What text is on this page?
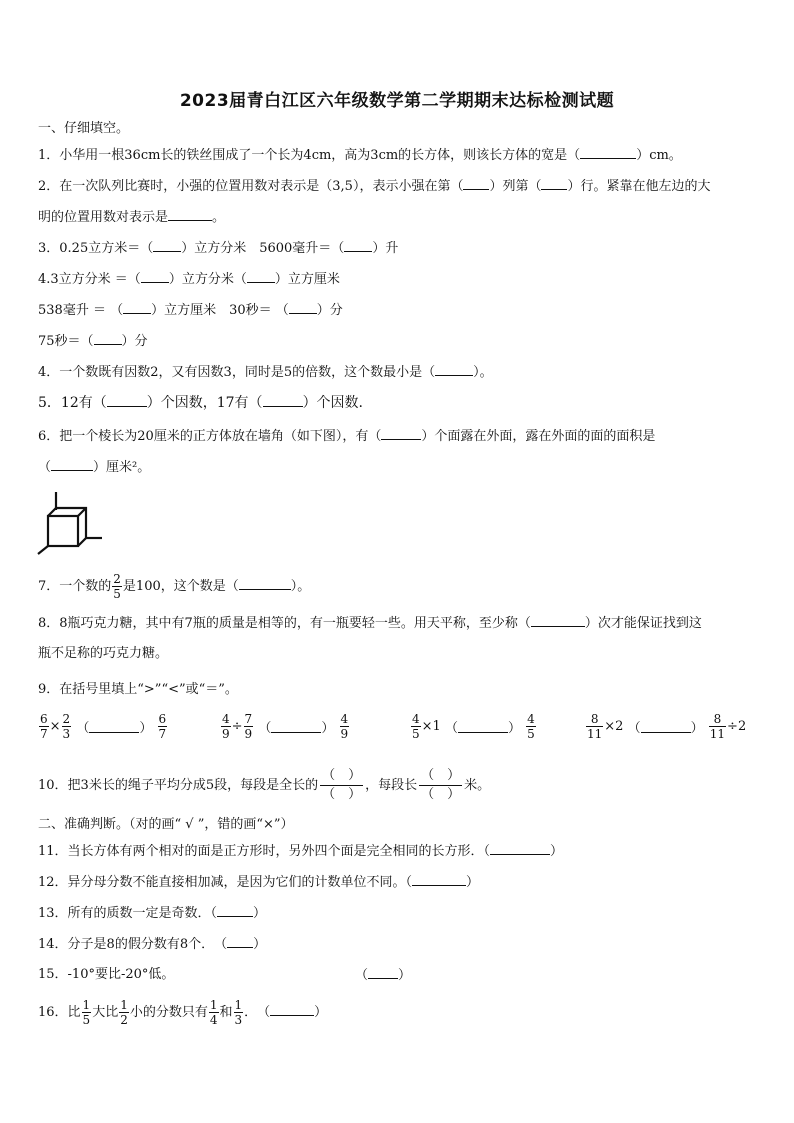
2023届青白江区六年级数学第二学期期末达标检测试题
一、仔细填空。
1．小华用一根36cm长的铁丝围成了一个长为4cm，高为3cm的长方体，则该长方体的宽是（	）cm。
2．在一次队列比赛时，小强的位置用数对表示是（3,5），表示小强在第（ ）列第（ ）行。紧靠在他左边的大
明的位置用数对表示是	。
3．0.25立方米＝（ ）立方分米　5600毫升＝（ ）升
4.3立方分米 ＝（ ）立方分米（ ）立方厘米
538毫升 ＝ （ ）立方厘米　30秒＝ （ ）分
75秒＝（ ）分
4．一个数既有因数2，又有因数3，同时是5的倍数，这个数最小是（	）。
5．12有（	）个因数，17有（	）个因数.
6．把一个棱长为20厘米的正方体放在墙角（如下图），有（	）个面露在外面，露在外面的面的面积是
（	）厘米²。
7．一个数的 $\frac{2}{5}$ 是100，这个数是（	）。
8．8瓶巧克力糖，其中有7瓶的质量是相等的，有一瓶要轻一些。用天平称，至少称（	）次才能保证找到这
瓶不足称的巧克力糖。
9．在括号里填上“>”“<”或“＝”。
$\frac{6}{7} \times \frac{2}{3}$ （	） $\frac{6}{7}$	$\frac{4}{9} \div \frac{7}{9}$ （	） $\frac{4}{9}$	$\frac{4}{5} \times 1$ （	） $\frac{4}{5}$	$\frac{8}{11} \times 2$ （	） $\frac{8}{11} \div 2$
10．把3米长的绳子平均分成5段，每段是全长的
（  ）
（  ）
，每段长
（  ）
（  ）
米。
二、准确判断。（对的画“ √ ”，错的画“×”）
11．当长方体有两个相对的面是正方形时，另外四个面是完全相同的长方形．（	）
12．异分母分数不能直接相加减，是因为它们的计数单位不同。（	）
13．所有的质数一定是奇数．（	）
14．分子是8的假分数有8个．　（ ）
15．-10°要比-20°低。	（ ）
16．比 $\frac{1}{5}$ 大比 $\frac{1}{2}$ 小的分数只有 $\frac{1}{4}$ 和 $\frac{1}{3}$ ．　（	）
